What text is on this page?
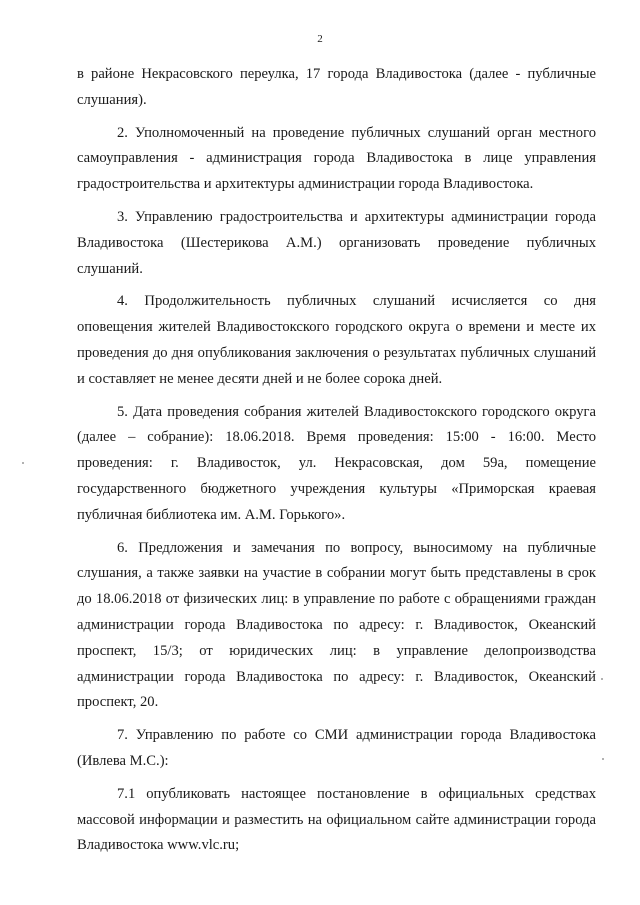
2

в районе Некрасовского переулка, 17 города Владивостока (далее - публичные слушания).

2. Уполномоченный на проведение публичных слушаний орган местного самоуправления - администрация города Владивостока в лице управления градостроительства и архитектуры администрации города Владивостока.

3. Управлению градостроительства и архитектуры администрации города Владивостока (Шестерикова А.М.) организовать проведение публичных слушаний.

4. Продолжительность публичных слушаний исчисляется со дня оповещения жителей Владивостокского городского округа о времени и месте их проведения до дня опубликования заключения о результатах публичных слушаний и составляет не менее десяти дней и не более сорока дней.

5. Дата проведения собрания жителей Владивостокского городского округа (далее – собрание): 18.06.2018. Время проведения: 15:00 - 16:00. Место проведения: г. Владивосток, ул. Некрасовская, дом 59а, помещение государственного бюджетного учреждения культуры «Приморская краевая публичная библиотека им. А.М. Горького».

6. Предложения и замечания по вопросу, выносимому на публичные слушания, а также заявки на участие в собрании могут быть представлены в срок до 18.06.2018 от физических лиц: в управление по работе с обращениями граждан администрации города Владивостока по адресу: г. Владивосток, Океанский проспект, 15/3; от юридических лиц: в управление делопроизводства администрации города Владивостока по адресу: г. Владивосток, Океанский проспект, 20.

7. Управлению по работе со СМИ администрации города Владивостока (Ивлева М.С.):

7.1 опубликовать настоящее постановление в официальных средствах массовой информации и разместить на официальном сайте администрации города Владивостока www.vlc.ru;
